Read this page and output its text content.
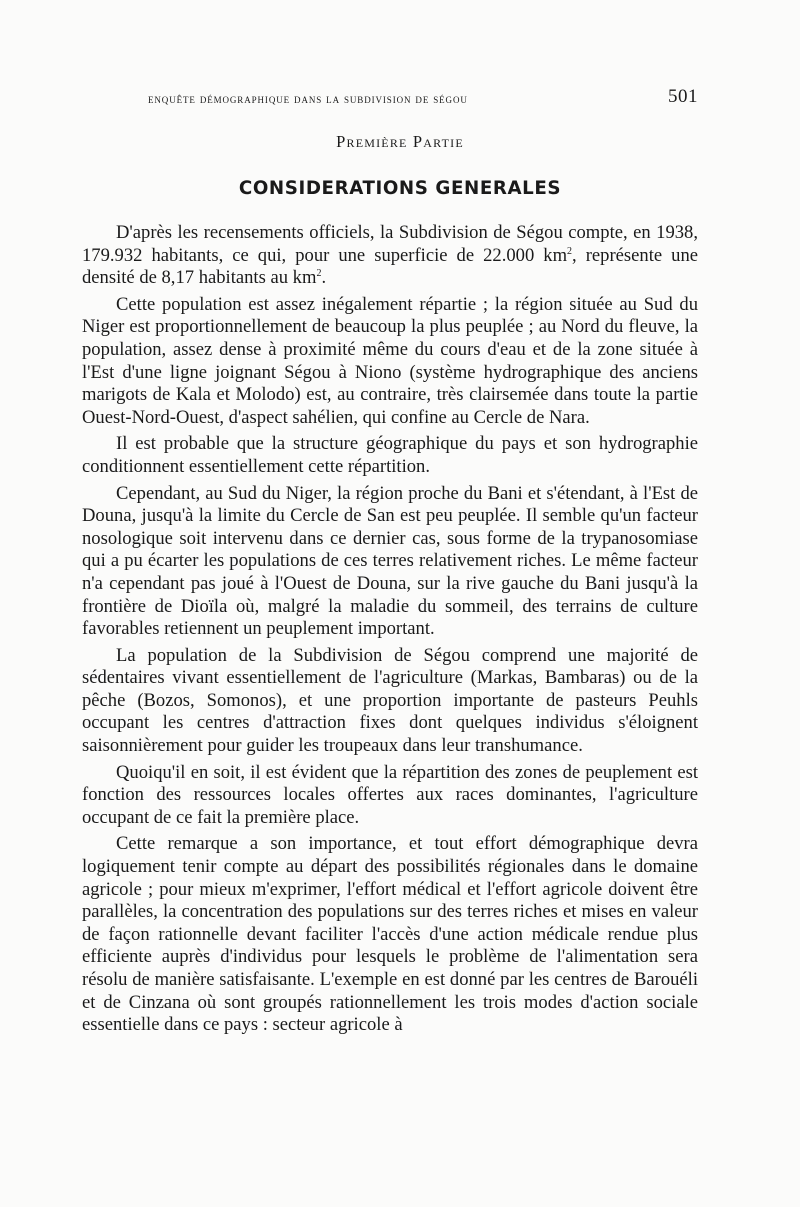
enquête démographique dans la subdivision de ségou	501
Première Partie
CONSIDERATIONS GENERALES

D'après les recensements officiels, la Subdivision de Ségou compte, en 1938, 179.932 habitants, ce qui, pour une superficie de 22.000 $km^2$, représente une densité de 8,17 habitants au $km^2$.

Cette population est assez inégalement répartie ; la région située au Sud du Niger est proportionnellement de beaucoup la plus peuplée ; au Nord du fleuve, la population, assez dense à proximité même du cours d'eau et de la zone située à l'Est d'une ligne joignant Ségou à Niono (système hydrographique des anciens marigots de Kala et Molodo) est, au contraire, très clairsemée dans toute la partie Ouest-Nord-Ouest, d'aspect sahélien, qui confine au Cercle de Nara.

Il est probable que la structure géographique du pays et son hydrographie conditionnent essentiellement cette répartition.

Cependant, au Sud du Niger, la région proche du Bani et s'étendant, à l'Est de Douna, jusqu'à la limite du Cercle de San est peu peuplée. Il semble qu'un facteur nosologique soit intervenu dans ce dernier cas, sous forme de la trypanosomiase qui a pu écarter les populations de ces terres relativement riches. Le même facteur n'a cependant pas joué à l'Ouest de Douna, sur la rive gauche du Bani jusqu'à la frontière de Dioïla où, malgré la maladie du sommeil, des terrains de culture favorables retiennent un peuplement important.

La population de la Subdivision de Ségou comprend une majorité de sédentaires vivant essentiellement de l'agriculture (Markas, Bambaras) ou de la pêche (Bozos, Somonos), et une proportion importante de pasteurs Peuhls occupant les centres d'attraction fixes dont quelques individus s'éloignent saisonnièrement pour guider les troupeaux dans leur transhumance.

Quoiqu'il en soit, il est évident que la répartition des zones de peuplement est fonction des ressources locales offertes aux races dominantes, l'agriculture occupant de ce fait la première place.

Cette remarque a son importance, et tout effort démographique devra logiquement tenir compte au départ des possibilités régionales dans le domaine agricole ; pour mieux m'exprimer, l'effort médical et l'effort agricole doivent être parallèles, la concentration des populations sur des terres riches et mises en valeur de façon rationnelle devant faciliter l'accès d'une action médicale rendue plus efficiente auprès d'individus pour lesquels le problème de l'alimentation sera résolu de manière satisfaisante. L'exemple en est donné par les centres de Barouéli et de Cinzana où sont groupés rationnellement les trois modes d'action sociale essentielle dans ce pays : secteur agricole à
